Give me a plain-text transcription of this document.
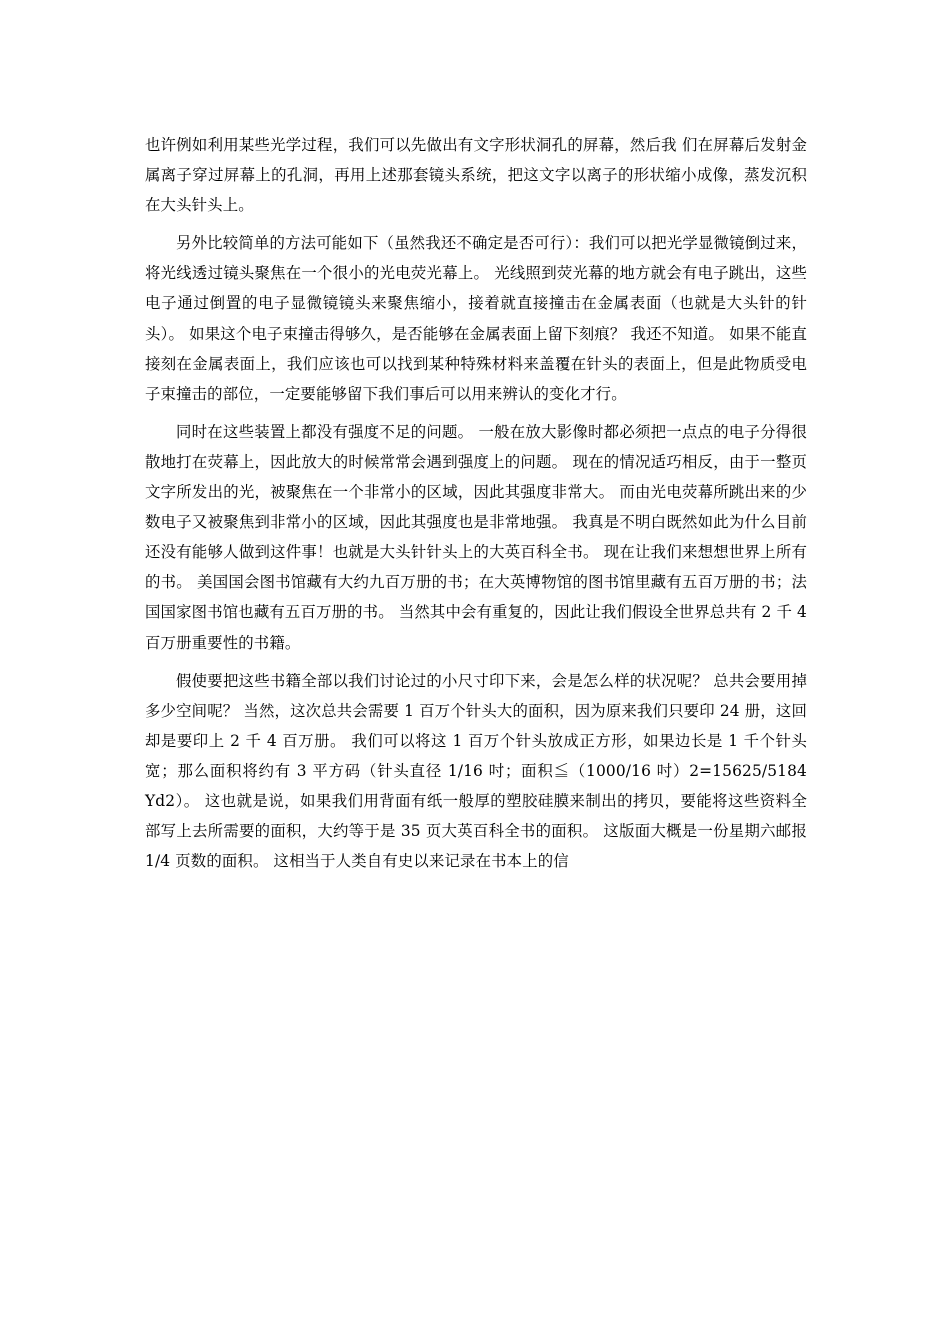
也许例如利用某些光学过程，我们可以先做出有文字形状洞孔的屏幕，然后我 们在屏幕后发射金属离子穿过屏幕上的孔洞，再用上述那套镜头系统，把这文字以离子的形状缩小成像，蒸发沉积在大头针头上。

另外比较简单的方法可能如下（虽然我还不确定是否可行）：我们可以把光学显微镜倒过来，将光线透过镜头聚焦在一个很小的光电荧光幕上。 光线照到荧光幕的地方就会有电子跳出，这些电子通过倒置的电子显微镜镜头来聚焦缩小，接着就直接撞击在金属表面（也就是大头针的针头）。 如果这个电子束撞击得够久，是否能够在金属表面上留下刻痕？ 我还不知道。 如果不能直接刻在金属表面上，我们应该也可以找到某种特殊材料来盖覆在针头的表面上，但是此物质受电子束撞击的部位，一定要能够留下我们事后可以用来辨认的变化才行。

同时在这些装置上都没有强度不足的问题。 一般在放大影像时都必须把一点点的电子分得很散地打在荧幕上，因此放大的时候常常会遇到强度上的问题。 现在的情况适巧相反，由于一整页文字所发出的光，被聚焦在一个非常小的区域，因此其强度非常大。 而由光电荧幕所跳出来的少数电子又被聚焦到非常小的区域，因此其强度也是非常地强。 我真是不明白既然如此为什么目前还没有能够人做到这件事！也就是大头针针头上的大英百科全书。 现在让我们来想想世界上所有的书。 美国国会图书馆藏有大约九百万册的书；在大英博物馆的图书馆里藏有五百万册的书；法国国家图书馆也藏有五百万册的书。 当然其中会有重复的，因此让我们假设全世界总共有 2 千 4 百万册重要性的书籍。

假使要把这些书籍全部以我们讨论过的小尺寸印下来，会是怎么样的状况呢？ 总共会要用掉多少空间呢？ 当然，这次总共会需要 1 百万个针头大的面积，因为原来我们只要印 24 册，这回却是要印上 2 千 4 百万册。 我们可以将这 1 百万个针头放成正方形，如果边长是 1 千个针头宽；那么面积将约有 3 平方码（针头直径 1/16 吋；面积≦（1000/16 吋）2=15625/5184 Yd2）。 这也就是说，如果我们用背面有纸一般厚的塑胶硅膜来制出的拷贝，要能将这些资料全部写上去所需要的面积，大约等于是 35 页大英百科全书的面积。 这版面大概是一份星期六邮报 1/4 页数的面积。 这相当于人类自有史以来记录在书本上的信
